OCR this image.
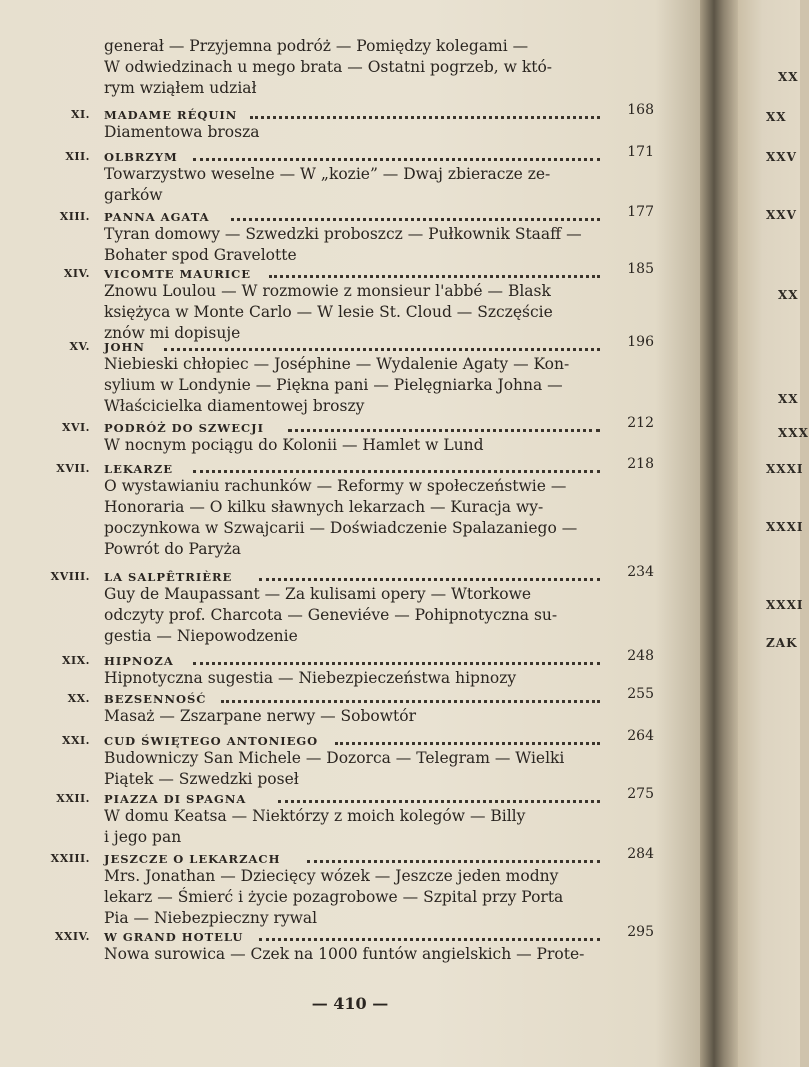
generał — Przyjemna podróż — Pomiędzy kolegami —
W odwiedzinach u mego brata — Ostatni pogrzeb, w któ-
rym wziąłem udział
XI. MADAME RÉQUIN	168
Diamentowa brosza
XII. OLBRZYM	171
Towarzystwo weselne — W „kozie” — Dwaj zbieracze ze-
garków
XIII. PANNA AGATA	177
Tyran domowy — Szwedzki proboszcz — Pułkownik Staaff —
Bohater spod Gravelotte
XIV. VICOMTE MAURICE	185
Znowu Loulou — W rozmowie z monsieur l'abbé — Blask
księżyca w Monte Carlo — W lesie St. Cloud — Szczęście
znów mi dopisuje
XV. JOHN	196
Niebieski chłopiec — Joséphine — Wydalenie Agaty — Kon-
sylium w Londynie — Piękna pani — Pielęgniarka Johna —
Właścicielka diamentowej broszy
XVI. PODRÓŻ DO SZWECJI	212
W nocnym pociągu do Kolonii — Hamlet w Lund
XVII. LEKARZE	218
O wystawianiu rachunków — Reformy w społeczeństwie —
Honoraria — O kilku sławnych lekarzach — Kuracja wy-
poczynkowa w Szwajcarii — Doświadczenie Spalazaniego —
Powrót do Paryża
XVIII. LA SALPÊTRIÈRE	234
Guy de Maupassant — Za kulisami opery — Wtorkowe
odczyty prof. Charcota — Geneviéve — Pohipnotyczna su-
gestia — Niepowodzenie
XIX. HIPNOZA	248
Hipnotyczna sugestia — Niebezpieczeństwa hipnozy
XX. BEZSENNOŚĆ	255
Masaż — Zszarpane nerwy — Sobowtór
XXI. CUD ŚWIĘTEGO ANTONIEGO	264
Budowniczy San Michele — Dozorca — Telegram — Wielki
Piątek — Szwedzki poseł
XXII. PIAZZA DI SPAGNA	275
W domu Keatsa — Niektórzy z moich kolegów — Billy
i jego pan
XXIII. JESZCZE O LEKARZACH	284
Mrs. Jonathan — Dziecięcy wózek — Jeszcze jeden modny
lekarz — Śmierć i życie pozagrobowe — Szpital przy Porta
Pia — Niebezpieczny rywal
XXIV. W GRAND HOTELU	295
Nowa surowica — Czek na 1000 funtów angielskich — Prote-
— 410 —
XX
XX
XXV
XXV
XX
XX
XXX
XXXI
XXXI
XXXI
ZAK
